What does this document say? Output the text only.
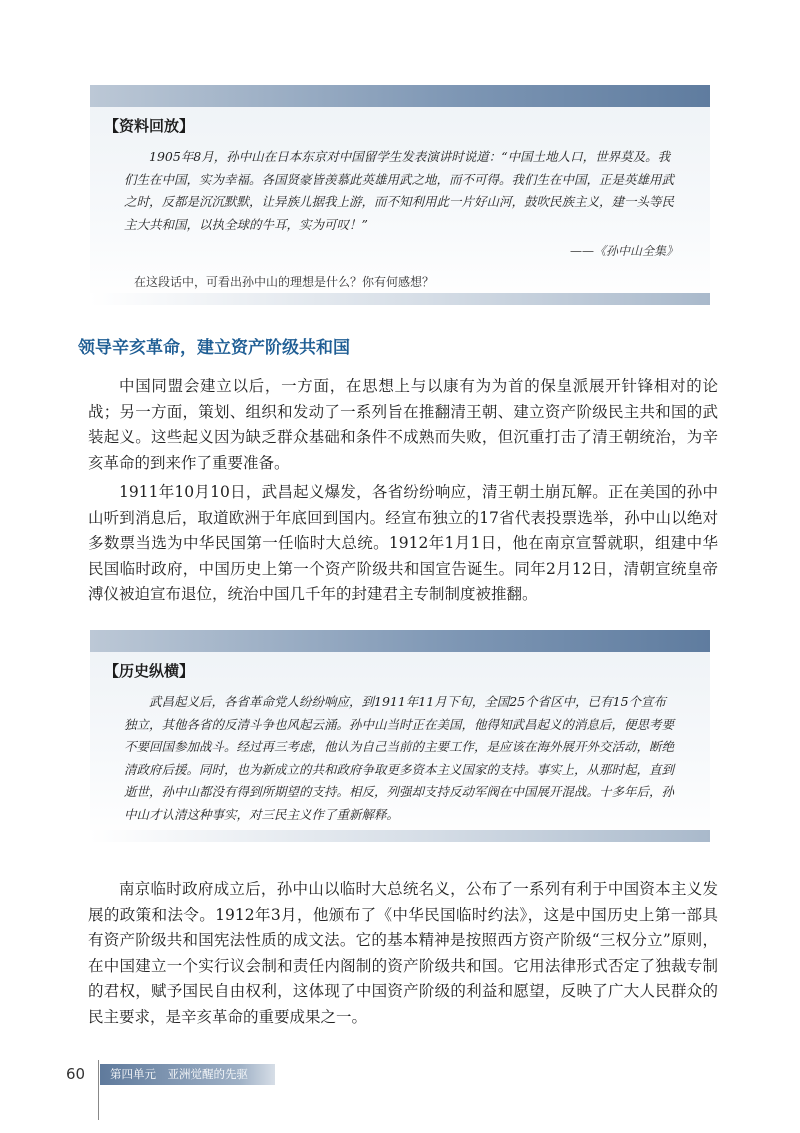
【资料回放】

1905年8月，孙中山在日本东京对中国留学生发表演讲时说道：“中国土地人口，世界莫及。我们生在中国，实为幸福。各国贤豪皆羡慕此英雄用武之地，而不可得。我们生在中国，正是英雄用武之时，反都是沉沉默默，让异族儿据我上游，而不知利用此一片好山河，鼓吹民族主义，建一头等民主大共和国，以执全球的牛耳，实为可叹！”

——《孙中山全集》

在这段话中，可看出孙中山的理想是什么？你有何感想？

领导辛亥革命，建立资产阶级共和国

中国同盟会建立以后，一方面，在思想上与以康有为为首的保皇派展开针锋相对的论战；另一方面，策划、组织和发动了一系列旨在推翻清王朝、建立资产阶级民主共和国的武装起义。这些起义因为缺乏群众基础和条件不成熟而失败，但沉重打击了清王朝统治，为辛亥革命的到来作了重要准备。

1911年10月10日，武昌起义爆发，各省纷纷响应，清王朝土崩瓦解。正在美国的孙中山听到消息后，取道欧洲于年底回到国内。经宣布独立的17省代表投票选举，孙中山以绝对多数票当选为中华民国第一任临时大总统。1912年1月1日，他在南京宣誓就职，组建中华民国临时政府，中国历史上第一个资产阶级共和国宣告诞生。同年2月12日，清朝宣统皇帝溥仪被迫宣布退位，统治中国几千年的封建君主专制制度被推翻。

【历史纵横】

武昌起义后，各省革命党人纷纷响应，到1911年11月下旬，全国25个省区中，已有15个宣布独立，其他各省的反清斗争也风起云涌。孙中山当时正在美国，他得知武昌起义的消息后，便思考要不要回国参加战斗。经过再三考虑，他认为自己当前的主要工作，是应该在海外展开外交活动，断绝清政府后援。同时，也为新成立的共和政府争取更多资本主义国家的支持。事实上，从那时起，直到逝世，孙中山都没有得到所期望的支持。相反，列强却支持反动军阀在中国展开混战。十多年后，孙中山才认清这种事实，对三民主义作了重新解释。

南京临时政府成立后，孙中山以临时大总统名义，公布了一系列有利于中国资本主义发展的政策和法令。1912年3月，他颁布了《中华民国临时约法》，这是中国历史上第一部具有资产阶级共和国宪法性质的成文法。它的基本精神是按照西方资产阶级“三权分立”原则，在中国建立一个实行议会制和责任内阁制的资产阶级共和国。它用法律形式否定了独裁专制的君权，赋予国民自由权利，这体现了中国资产阶级的利益和愿望，反映了广大人民群众的民主要求，是辛亥革命的重要成果之一。

60	第四单元　亚洲觉醒的先驱
